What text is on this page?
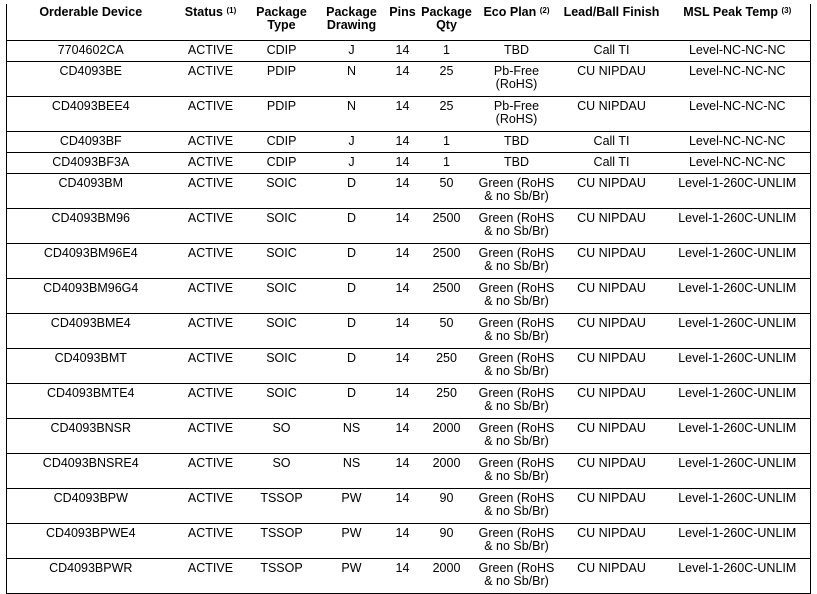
Orderable Device	Status $^{(1)}$	Package Type	Package Drawing	Pins	Package Qty	Eco Plan $^{(2)}$	Lead/Ball Finish	MSL Peak Temp $^{(3)}$
7704602CA	ACTIVE	CDIP	J	14	1	TBD	Call TI	Level-NC-NC-NC
CD4093BE	ACTIVE	PDIP	N	14	25	Pb-Free (RoHS)	CU NIPDAU	Level-NC-NC-NC
CD4093BEE4	ACTIVE	PDIP	N	14	25	Pb-Free (RoHS)	CU NIPDAU	Level-NC-NC-NC
CD4093BF	ACTIVE	CDIP	J	14	1	TBD	Call TI	Level-NC-NC-NC
CD4093BF3A	ACTIVE	CDIP	J	14	1	TBD	Call TI	Level-NC-NC-NC
CD4093BM	ACTIVE	SOIC	D	14	50	Green (RoHS & no Sb/Br)	CU NIPDAU	Level-1-260C-UNLIM
CD4093BM96	ACTIVE	SOIC	D	14	2500	Green (RoHS & no Sb/Br)	CU NIPDAU	Level-1-260C-UNLIM
CD4093BM96E4	ACTIVE	SOIC	D	14	2500	Green (RoHS & no Sb/Br)	CU NIPDAU	Level-1-260C-UNLIM
CD4093BM96G4	ACTIVE	SOIC	D	14	2500	Green (RoHS & no Sb/Br)	CU NIPDAU	Level-1-260C-UNLIM
CD4093BME4	ACTIVE	SOIC	D	14	50	Green (RoHS & no Sb/Br)	CU NIPDAU	Level-1-260C-UNLIM
CD4093BMT	ACTIVE	SOIC	D	14	250	Green (RoHS & no Sb/Br)	CU NIPDAU	Level-1-260C-UNLIM
CD4093BMTE4	ACTIVE	SOIC	D	14	250	Green (RoHS & no Sb/Br)	CU NIPDAU	Level-1-260C-UNLIM
CD4093BNSR	ACTIVE	SO	NS	14	2000	Green (RoHS & no Sb/Br)	CU NIPDAU	Level-1-260C-UNLIM
CD4093BNSRE4	ACTIVE	SO	NS	14	2000	Green (RoHS & no Sb/Br)	CU NIPDAU	Level-1-260C-UNLIM
CD4093BPW	ACTIVE	TSSOP	PW	14	90	Green (RoHS & no Sb/Br)	CU NIPDAU	Level-1-260C-UNLIM
CD4093BPWE4	ACTIVE	TSSOP	PW	14	90	Green (RoHS & no Sb/Br)	CU NIPDAU	Level-1-260C-UNLIM
CD4093BPWR	ACTIVE	TSSOP	PW	14	2000	Green (RoHS & no Sb/Br)	CU NIPDAU	Level-1-260C-UNLIM
